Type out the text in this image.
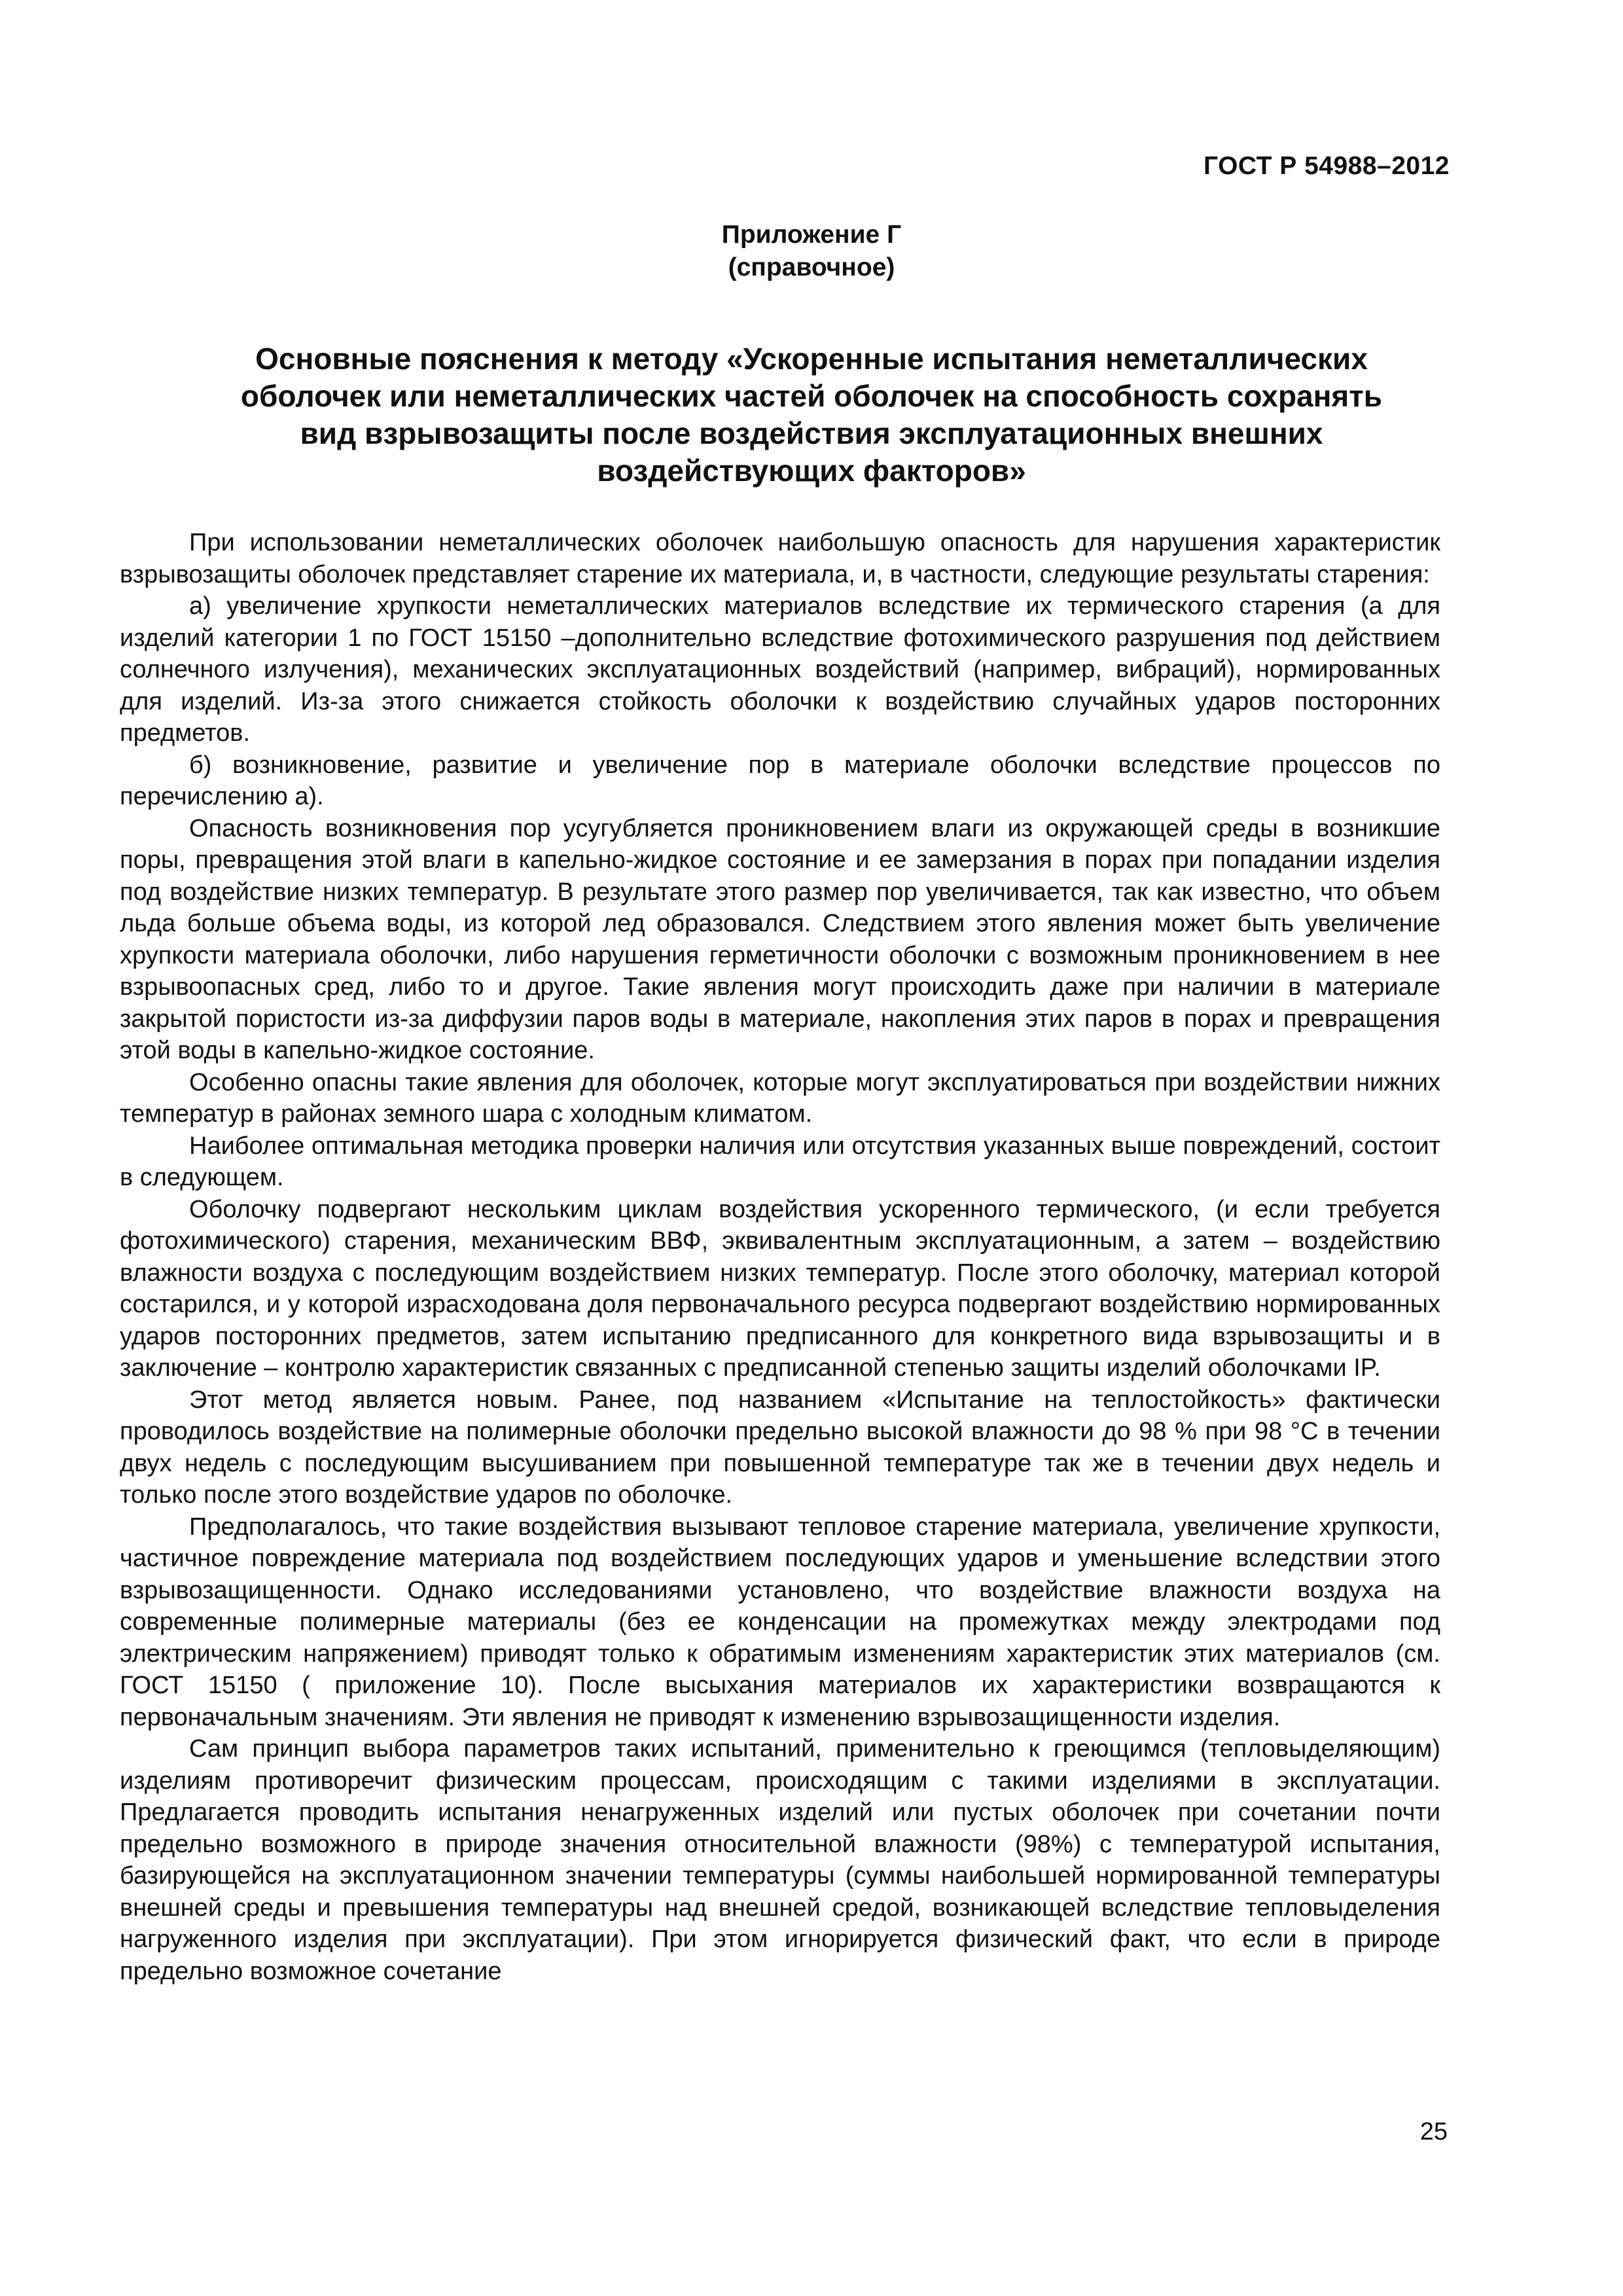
ГОСТ Р 54988–2012
Приложение Г
(справочное)
Основные пояснения к методу «Ускоренные испытания неметаллических
оболочек или неметаллических частей оболочек на способность сохранять
вид взрывозащиты после воздействия эксплуатационных внешних
воздействующих факторов»

При использовании неметаллических оболочек наибольшую опасность для нарушения характеристик взрывозащиты оболочек представляет старение их материала, и, в частности, следующие результаты старения:

а) увеличение хрупкости неметаллических материалов вследствие их термического старения (а для изделий категории 1 по ГОСТ 15150 –дополнительно вследствие фотохимического разрушения под действием солнечного излучения), механических эксплуатационных воздействий (например, вибраций), нормированных для изделий. Из-за этого снижается стойкость оболочки к воздействию случайных ударов посторонних предметов.

б) возникновение, развитие и увеличение пор в материале оболочки вследствие процессов по перечислению а).

Опасность возникновения пор усугубляется проникновением влаги из окружающей среды в возникшие поры, превращения этой влаги в капельно-жидкое состояние и ее замерзания в порах при попадании изделия под воздействие низких температур. В результате этого размер пор увеличивается, так как известно, что объем льда больше объема воды, из которой лед образовался. Следствием этого явления может быть увеличение хрупкости материала оболочки, либо нарушения герметичности оболочки с возможным проникновением в нее взрывоопасных сред, либо то и другое. Такие явления могут происходить даже при наличии в материале закрытой пористости из-за диффузии паров воды в материале, накопления этих паров в порах и превращения этой воды в капельно-жидкое состояние.

Особенно опасны такие явления для оболочек, которые могут эксплуатироваться при воздействии нижних температур в районах земного шара с холодным климатом.

Наиболее оптимальная методика проверки наличия или отсутствия указанных выше повреждений, состоит в следующем.

Оболочку подвергают нескольким циклам воздействия ускоренного термического, (и если требуется фотохимического) старения, механическим ВВФ, эквивалентным эксплуатационным, а затем – воздействию влажности воздуха с последующим воздействием низких температур. После этого оболочку, материал которой состарился, и у которой израсходована доля первоначального ресурса подвергают воздействию нормированных ударов посторонних предметов, затем испытанию предписанного для конкретного вида взрывозащиты и в заключение – контролю характеристик связанных с предписанной степенью защиты изделий оболочками IP.

Этот метод является новым. Ранее, под названием «Испытание на теплостойкость» фактически проводилось воздействие на полимерные оболочки предельно высокой влажности до 98 % при 98 °С в течении двух недель с последующим высушиванием при повышенной температуре так же в течении двух недель и только после этого воздействие ударов по оболочке.

Предполагалось, что такие воздействия вызывают тепловое старение материала, увеличение хрупкости, частичное повреждение материала под воздействием последующих ударов и уменьшение вследствии этого взрывозащищенности. Однако исследованиями установлено, что воздействие влажности воздуха на современные полимерные материалы (без ее конденсации на промежутках между электродами под электрическим напряжением) приводят только к обратимым изменениям характеристик этих материалов (см. ГОСТ 15150 ( приложение 10). После высыхания материалов их характеристики возвращаются к первоначальным значениям. Эти явления не приводят к изменению взрывозащищенности изделия.

Сам принцип выбора параметров таких испытаний, применительно к греющимся (тепловыделяющим) изделиям противоречит физическим процессам, происходящим с такими изделиями в эксплуатации. Предлагается проводить испытания ненагруженных изделий или пустых оболочек при сочетании почти предельно возможного в природе значения относительной влажности (98%) с температурой испытания, базирующейся на эксплуатационном значении температуры (суммы наибольшей нормированной температуры внешней среды и превышения температуры над внешней средой, возникающей вследствие тепловыделения нагруженного изделия при эксплуатации). При этом игнорируется физический факт, что если в природе предельно возможное сочетание

25
